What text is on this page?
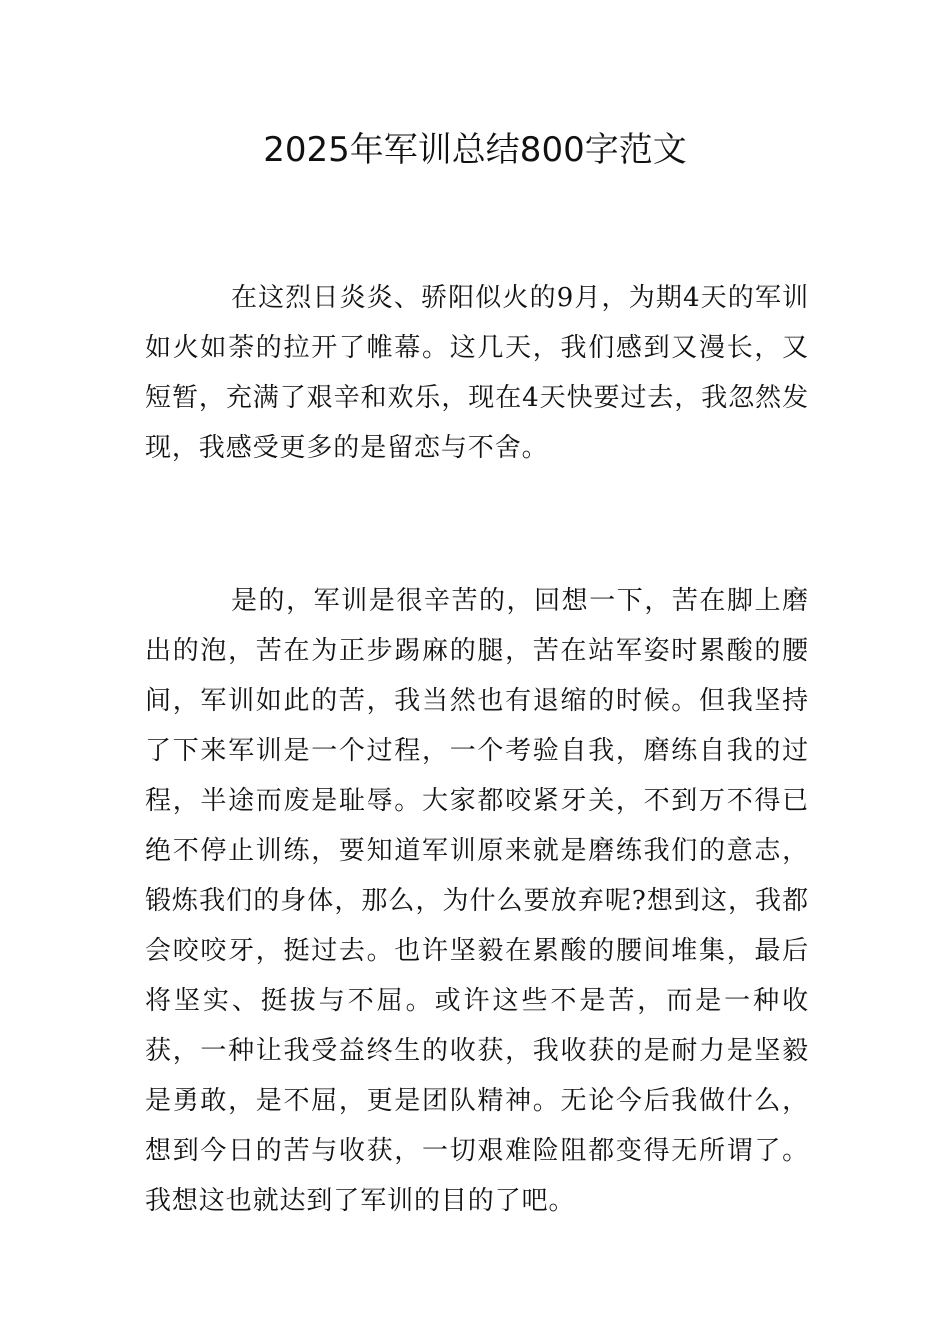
2025年军训总结800字范文

在这烈日炎炎、骄阳似火的9月，为期4天的军训如火如荼的拉开了帷幕。这几天，我们感到又漫长，又短暂，充满了艰辛和欢乐，现在4天快要过去，我忽然发现，我感受更多的是留恋与不舍。

是的，军训是很辛苦的，回想一下，苦在脚上磨出的泡，苦在为正步踢麻的腿，苦在站军姿时累酸的腰间，军训如此的苦，我当然也有退缩的时候。但我坚持了下来军训是一个过程，一个考验自我，磨练自我的过程，半途而废是耻辱。大家都咬紧牙关，不到万不得已绝不停止训练，要知道军训原来就是磨练我们的意志，锻炼我们的身体，那么，为什么要放弃呢?想到这，我都会咬咬牙，挺过去。也许坚毅在累酸的腰间堆集，最后将坚实、挺拔与不屈。或许这些不是苦，而是一种收获，一种让我受益终生的收获，我收获的是耐力是坚毅是勇敢，是不屈，更是团队精神。无论今后我做什么，想到今日的苦与收获，一切艰难险阻都变得无所谓了。 我想这也就达到了军训的目的了吧。
